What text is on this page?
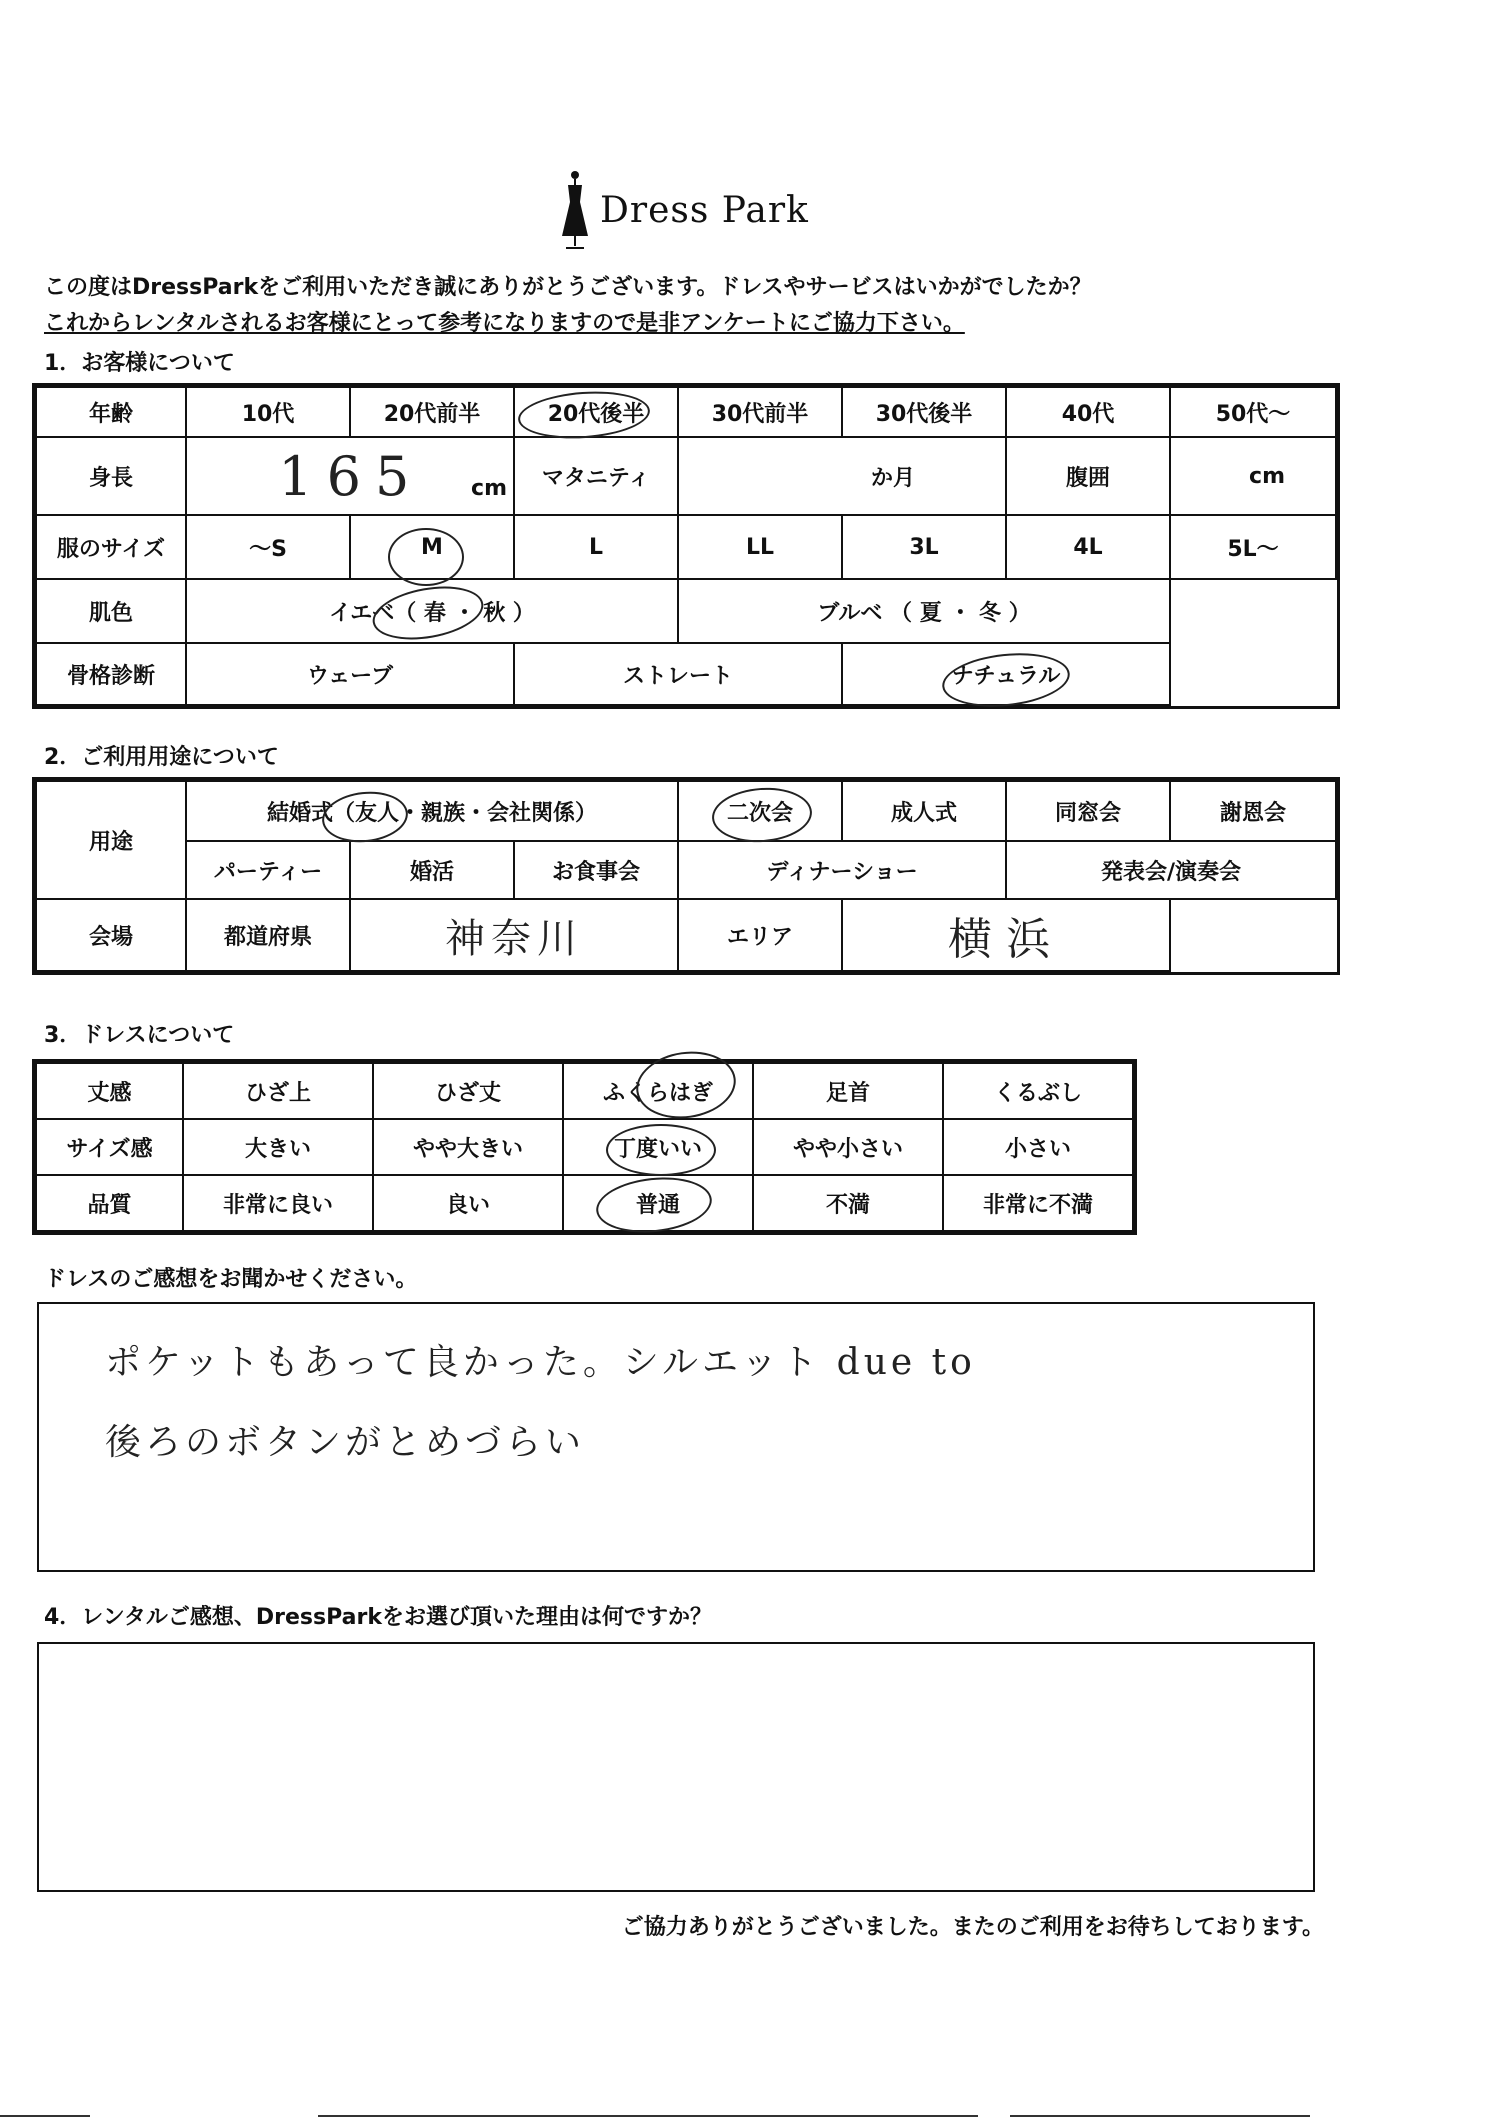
Dress Park
この度はDressParkをご利用いただき誠にありがとうございます。ドレスやサービスはいかがでしたか？
これからレンタルされるお客様にとって参考になりますので是非アンケートにご協力下さい。
1．お客様について
年齢	10代	20代前半	20代後半	30代前半	30代後半	40代	50代～
身長	165 cm		マタニティ	か月		腹囲	cm
服のサイズ	～S	M	L	LL	3L	4L	5L～
肌色	イエベ（ 春 ・ 秋 ）			ブルベ （ 夏 ・ 冬 ）			
骨格診断	ウェーブ		ストレート		ナチュラル		
2．ご利用用途について
用途	結婚式（友人・親族・会社関係）			二次会	成人式	同窓会	謝恩会
	パーティー	婚活	お食事会	ディナーショー		発表会/演奏会	
会場	都道府県	神奈川		エリア	横浜		
3．ドレスについて
丈感	ひざ上	ひざ丈	ふくらはぎ	足首	くるぶし
サイズ感	大きい	やや大きい	丁度いい	やや小さい	小さい
品質	非常に良い	良い	普通	不満	非常に不満
ドレスのご感想をお聞かせください。
ポケットもあって良かった。シルエット due to
後ろのボタンがとめづらい
4．レンタルご感想、DressParkをお選び頂いた理由は何ですか？
ご協力ありがとうございました。またのご利用をお待ちしております。
